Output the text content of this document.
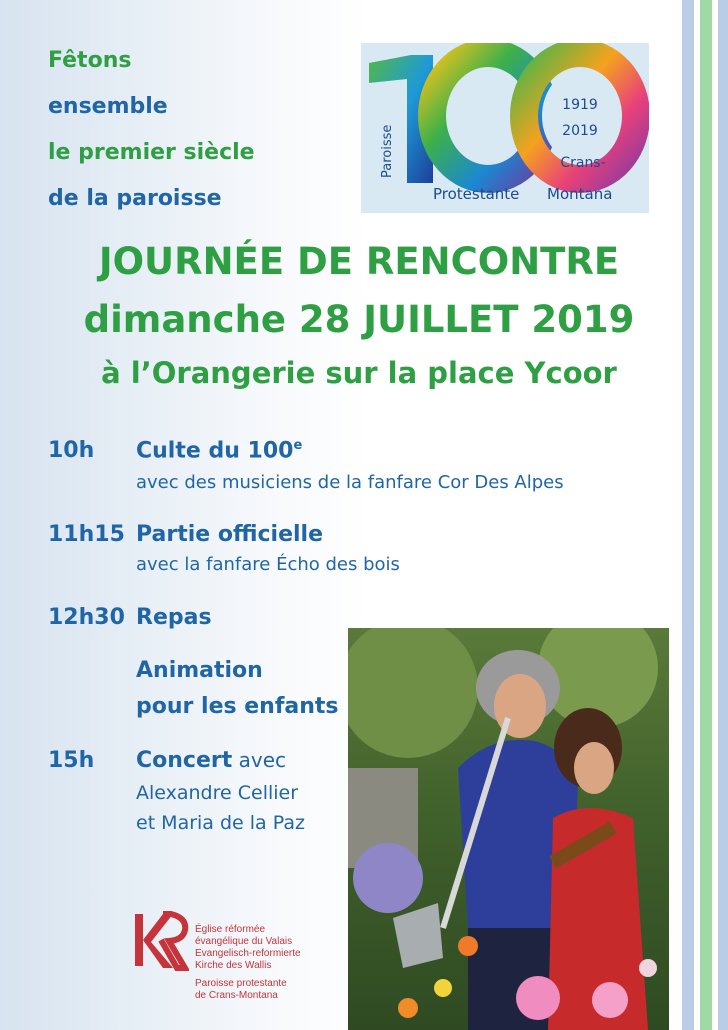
Fêtons
ensemble
le premier siècle
de la paroisse
1919
2019
Crans-
Paroisse
Protestante Montana
JOURNÉE DE RENCONTRE
dimanche 28 JUILLET 2019
à l’Orangerie sur la place Ycoor
10h Culte du 100e
avec des musiciens de la fanfare Cor Des Alpes
11h15 Partie officielle
avec la fanfare Écho des bois
12h30 Repas
Animation
pour les enfants
15h Concert avec
Alexandre Cellier
et Maria de la Paz
Église réformée
évangélique du Valais
Evangelisch-reformierte
Kirche des Wallis
Paroisse protestante
de Crans-Montana
